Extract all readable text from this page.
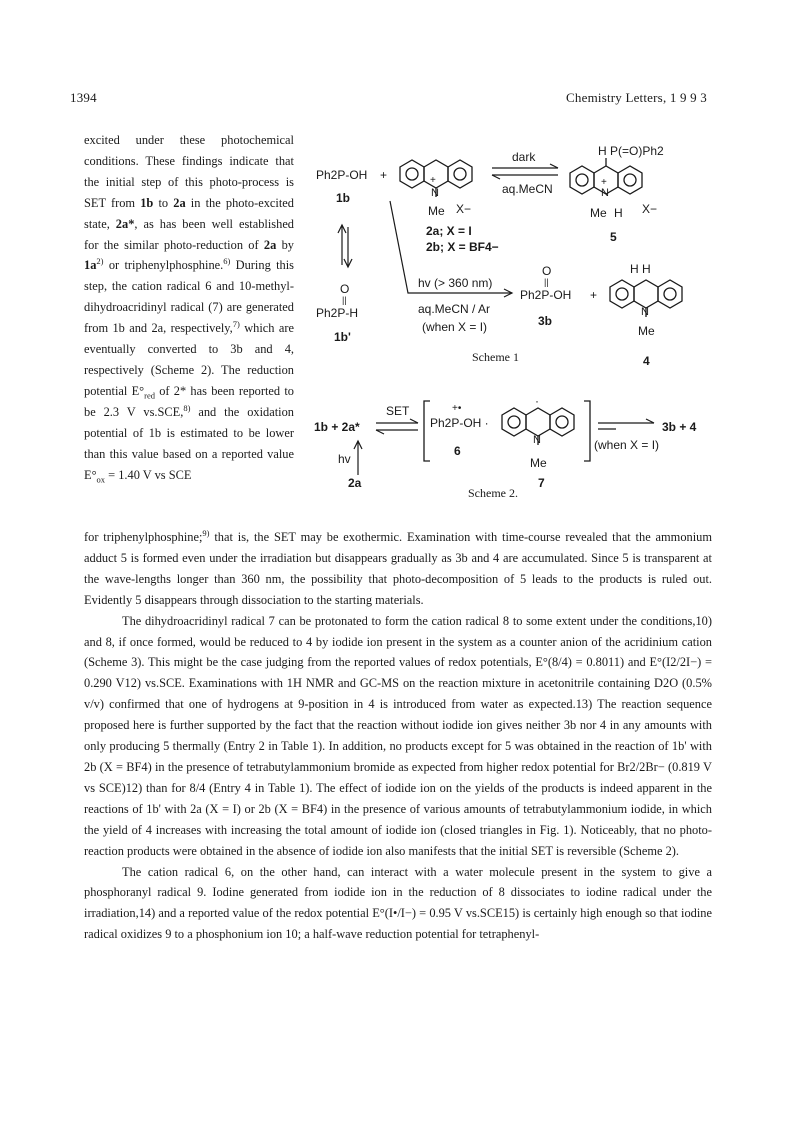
1394	Chemistry Letters, 1 9 9 3

excited under these photochemical conditions. These findings indicate that the initial step of this photo-process is SET from 1b to 2a in the photo-excited state, 2a*, as has been well established for the similar photo-reduction of 2a by $1a^{2)}$ or triphenylphosphine.$^{6)}$ During this step, the cation radical 6 and 10-methyl-dihydroacridinyl radical (7) are generated from 1b and 2a, respectively,$^{7)}$ which are eventually converted to 3b and 4, respectively (Scheme 2). The reduction potential $E^\circ_{red}$ of 2* has been reported to be 2.3 V vs.SCE,$^{8)}$ and the oxidation potential of 1b is estimated to be lower than this value based on a reported value $E^\circ_{ox} = 1.40$ V vs SCE

Ph2P-OH +
1b	N
+
Me X−
2a; X = I
2b; X = BF4−
dark
aq.MeCN
H P(=O)Ph2
N
+
Me H X−
5
O
||
Ph2P-H
1b'
hv (> 360 nm)
aq.MeCN / Ar
(when X = I)
O
||
Ph2P-OH
3b
+
H H
N
Me
4
1b + 2a*
SET
hv
2a
+•
Ph2P-OH ·
6
·
N
Me
7
3b + 4
(when X = I)
Scheme 1
Scheme 2.

for triphenylphosphine;$^{9)}$ that is, the SET may be exothermic. Examination with time-course revealed that the ammonium adduct 5 is formed even under the irradiation but disappears gradually as 3b and 4 are accumulated. Since 5 is transparent at the wave-lengths longer than 360 nm, the possibility that photo-decomposition of 5 leads to the products is ruled out. Evidently 5 disappears through dissociation to the starting materials.

The dihydroacridinyl radical 7 can be protonated to form the cation radical 8 to some extent under the conditions,10) and 8, if once formed, would be reduced to 4 by iodide ion present in the system as a counter anion of the acridinium cation (Scheme 3). This might be the case judging from the reported values of redox potentials, E°(8/4) = 0.8011) and E°(I2/2I−) = 0.290 V12) vs.SCE. Examinations with 1H NMR and GC-MS on the reaction mixture in acetonitrile containing D2O (0.5% v/v) confirmed that one of hydrogens at 9-position in 4 is introduced from water as expected.13) The reaction sequence proposed here is further supported by the fact that the reaction without iodide ion gives neither 3b nor 4 in any amounts with only producing 5 thermally (Entry 2 in Table 1). In addition, no products except for 5 was obtained in the reaction of 1b' with 2b (X = BF4) in the presence of tetrabutylammonium bromide as expected from higher redox potential for Br2/2Br− (0.819 V vs SCE)12) than for 8/4 (Entry 4 in Table 1). The effect of iodide ion on the yields of the products is indeed apparent in the reactions of 1b' with 2a (X = I) or 2b (X = BF4) in the presence of various amounts of tetrabutylammonium iodide, in which the yield of 4 increases with increasing the total amount of iodide ion (closed triangles in Fig. 1). Noticeably, that no photo-reaction products were obtained in the absence of iodide ion also manifests that the initial SET is reversible (Scheme 2).

The cation radical 6, on the other hand, can interact with a water molecule present in the system to give a phosphoranyl radical 9. Iodine generated from iodide ion in the reduction of 8 dissociates to iodine radical under the irradiation,14) and a reported value of the redox potential E°(I•/I−) = 0.95 V vs.SCE15) is certainly high enough so that iodine radical oxidizes 9 to a phosphonium ion 10; a half-wave reduction potential for tetraphenyl-
